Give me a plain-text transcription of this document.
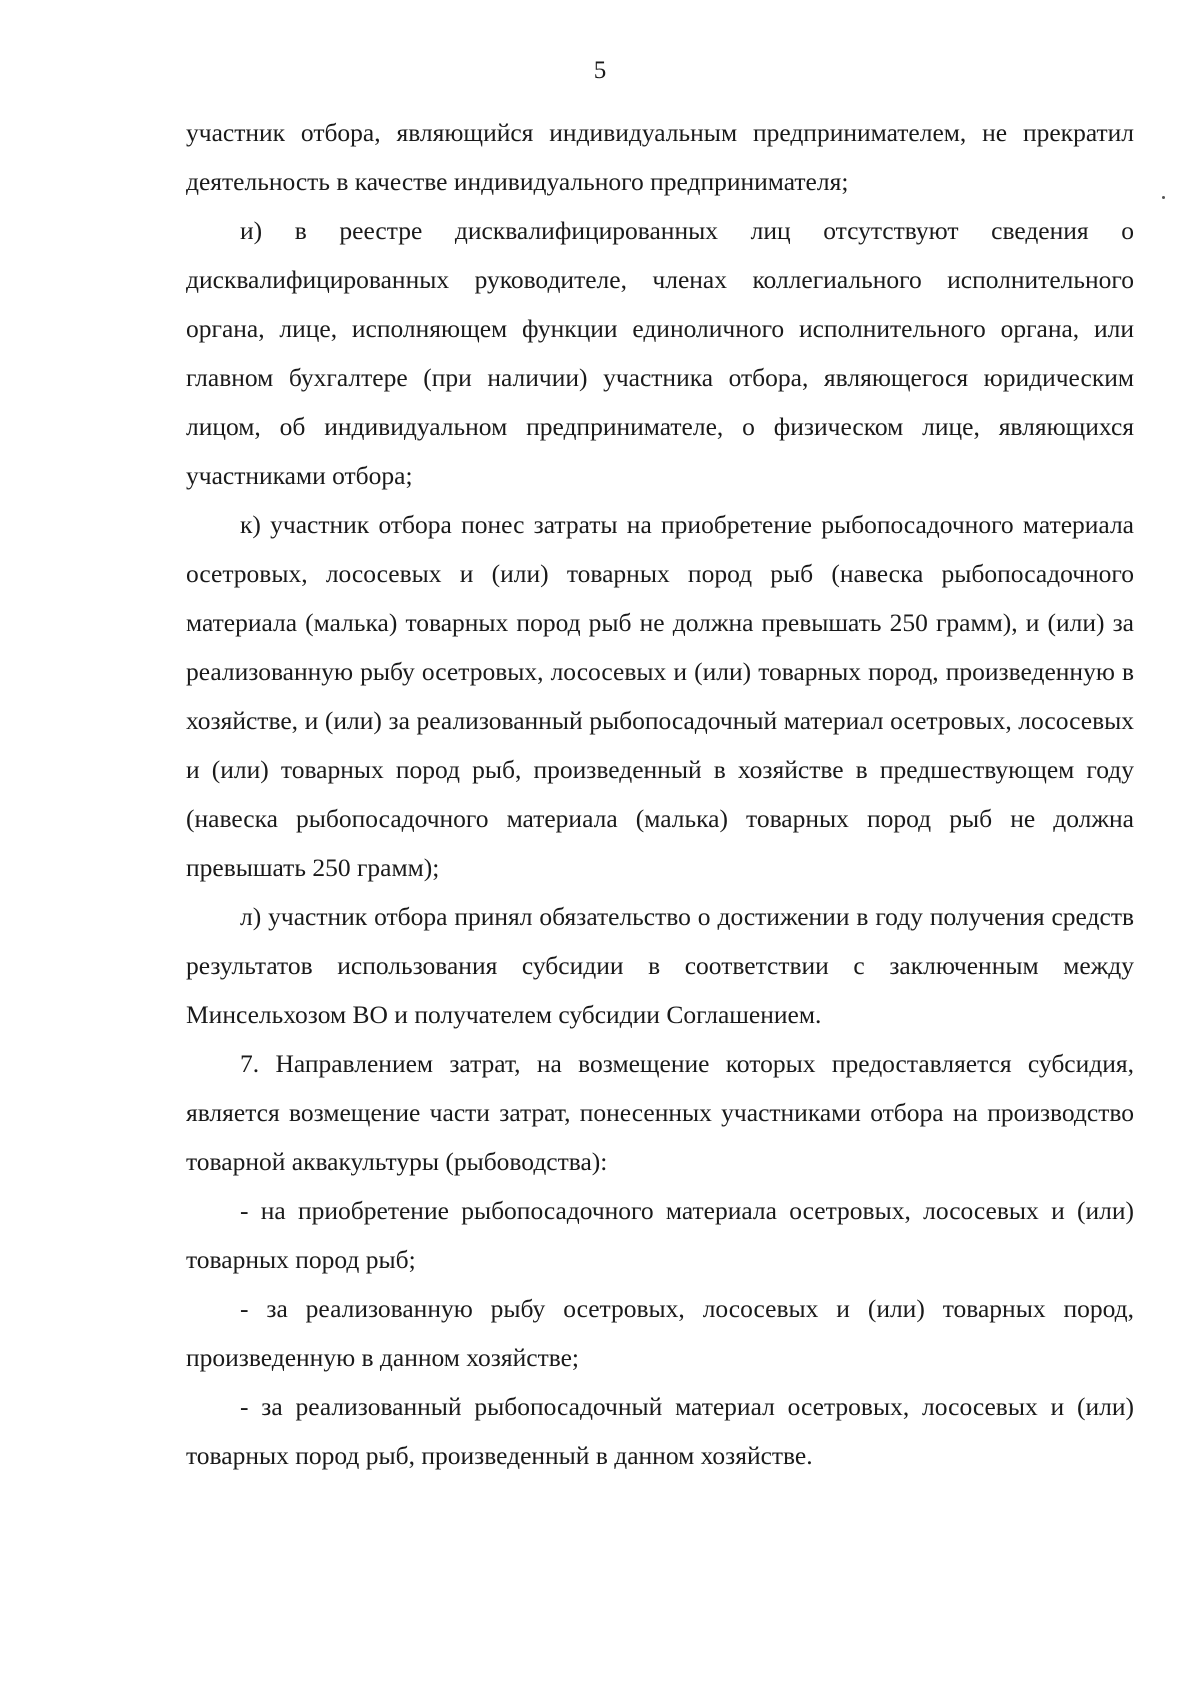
5

участник отбора, являющийся индивидуальным предпринимателем, не прекратил деятельность в качестве индивидуального предпринимателя;

и) в реестре дисквалифицированных лиц отсутствуют сведения о дисквалифицированных руководителе, членах коллегиального исполнительного органа, лице, исполняющем функции единоличного исполнительного органа, или главном бухгалтере (при наличии) участника отбора, являющегося юридическим лицом, об индивидуальном предпринимателе, о физическом лице, являющихся участниками отбора;

к) участник отбора понес затраты на приобретение рыбопосадочного материала осетровых, лососевых и (или) товарных пород рыб (навеска рыбопосадочного материала (малька) товарных пород рыб не должна превышать 250 грамм), и (или) за реализованную рыбу осетровых, лососевых и (или) товарных пород, произведенную в хозяйстве, и (или) за реализованный рыбопосадочный материал осетровых, лососевых и (или) товарных пород рыб, произведенный в хозяйстве в предшествующем году (навеска рыбопосадочного материала (малька) товарных пород рыб не должна превышать 250 грамм);

л) участник отбора принял обязательство о достижении в году получения средств результатов использования субсидии в соответствии с заключенным между Минсельхозом ВО и получателем субсидии Соглашением.

7. Направлением затрат, на возмещение которых предоставляется субсидия, является возмещение части затрат, понесенных участниками отбора на производство товарной аквакультуры (рыбоводства):

- на приобретение рыбопосадочного материала осетровых, лососевых и (или) товарных пород рыб;

- за реализованную рыбу осетровых, лососевых и (или) товарных пород, произведенную в данном хозяйстве;

- за реализованный рыбопосадочный материал осетровых, лососевых и (или) товарных пород рыб, произведенный в данном хозяйстве.
